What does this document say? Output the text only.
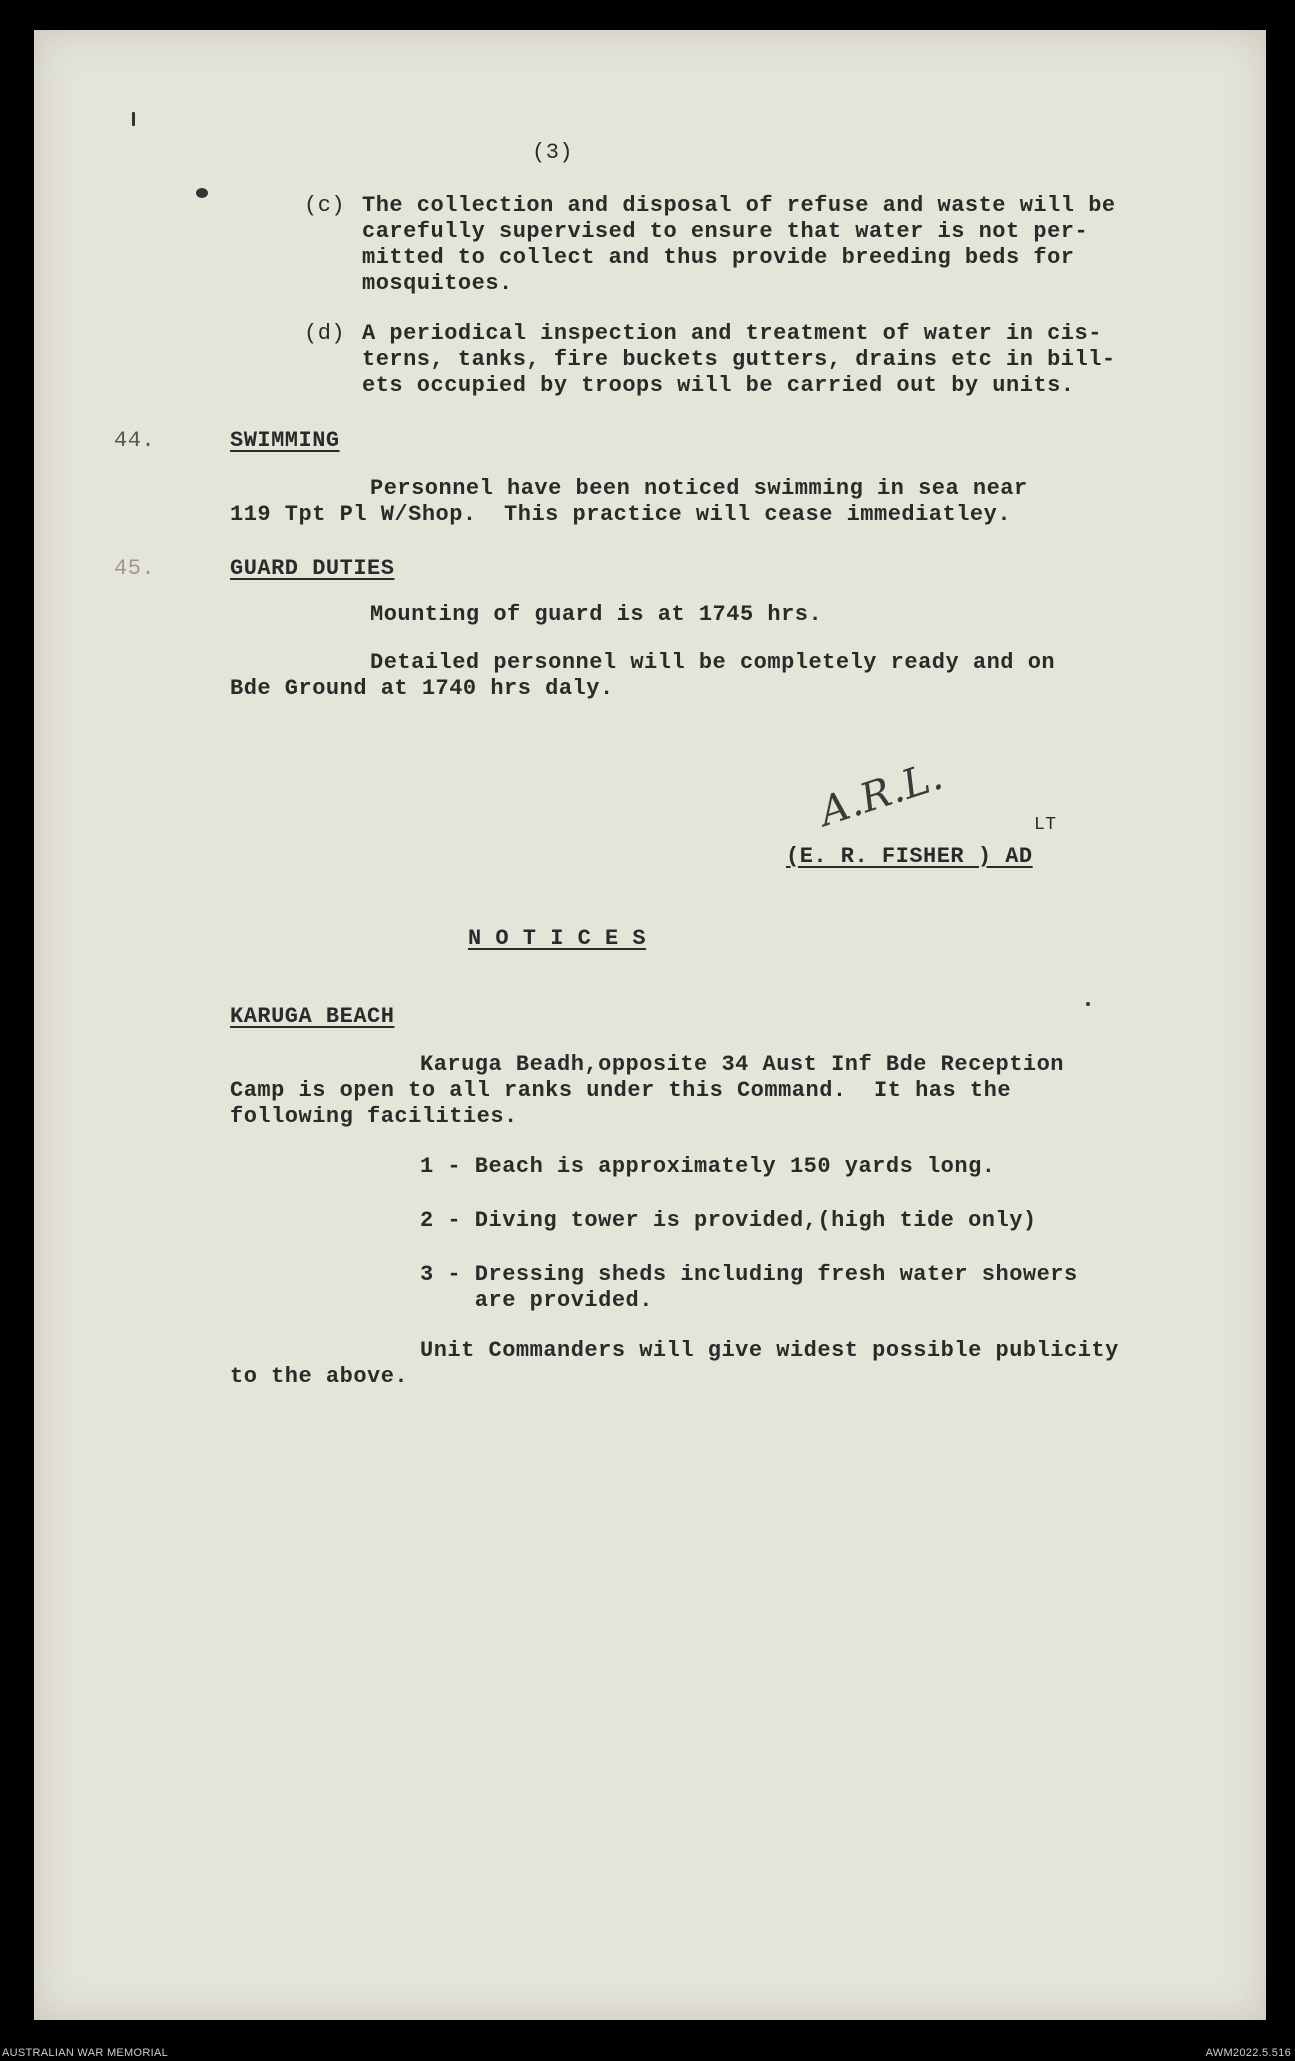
(3)
(c) The collection and disposal of refuse and waste will be
carefully supervised to ensure that water is not per-
mitted to collect and thus provide breeding beds for
mosquitoes.
(d) A periodical inspection and treatment of water in cis-
terns, tanks, fire buckets gutters, drains etc in bill-
ets occupied by troops will be carried out by units.
44.	SWIMMING
Personnel have been noticed swimming in sea near
119 Tpt Pl W/Shop.  This practice will cease immediatley.
45.	GUARD DUTIES
Mounting of guard is at 1745 hrs.
Detailed personnel will be completely ready and on
Bde Ground at 1740 hrs daly.
A.R.L.	LT
(E. R. FISHER ) AD
N O T I C E S
KARUGA BEACH
Karuga Beadh,opposite 34 Aust Inf Bde Reception
Camp is open to all ranks under this Command.  It has the
following facilities.
1 - Beach is approximately 150 yards long.
2 - Diving tower is provided,(high tide only)
3 - Dressing sheds including fresh water showers
are provided.
Unit Commanders will give widest possible publicity
to the above.
AUSTRALIAN WAR MEMORIAL	AWM2022.5.516
